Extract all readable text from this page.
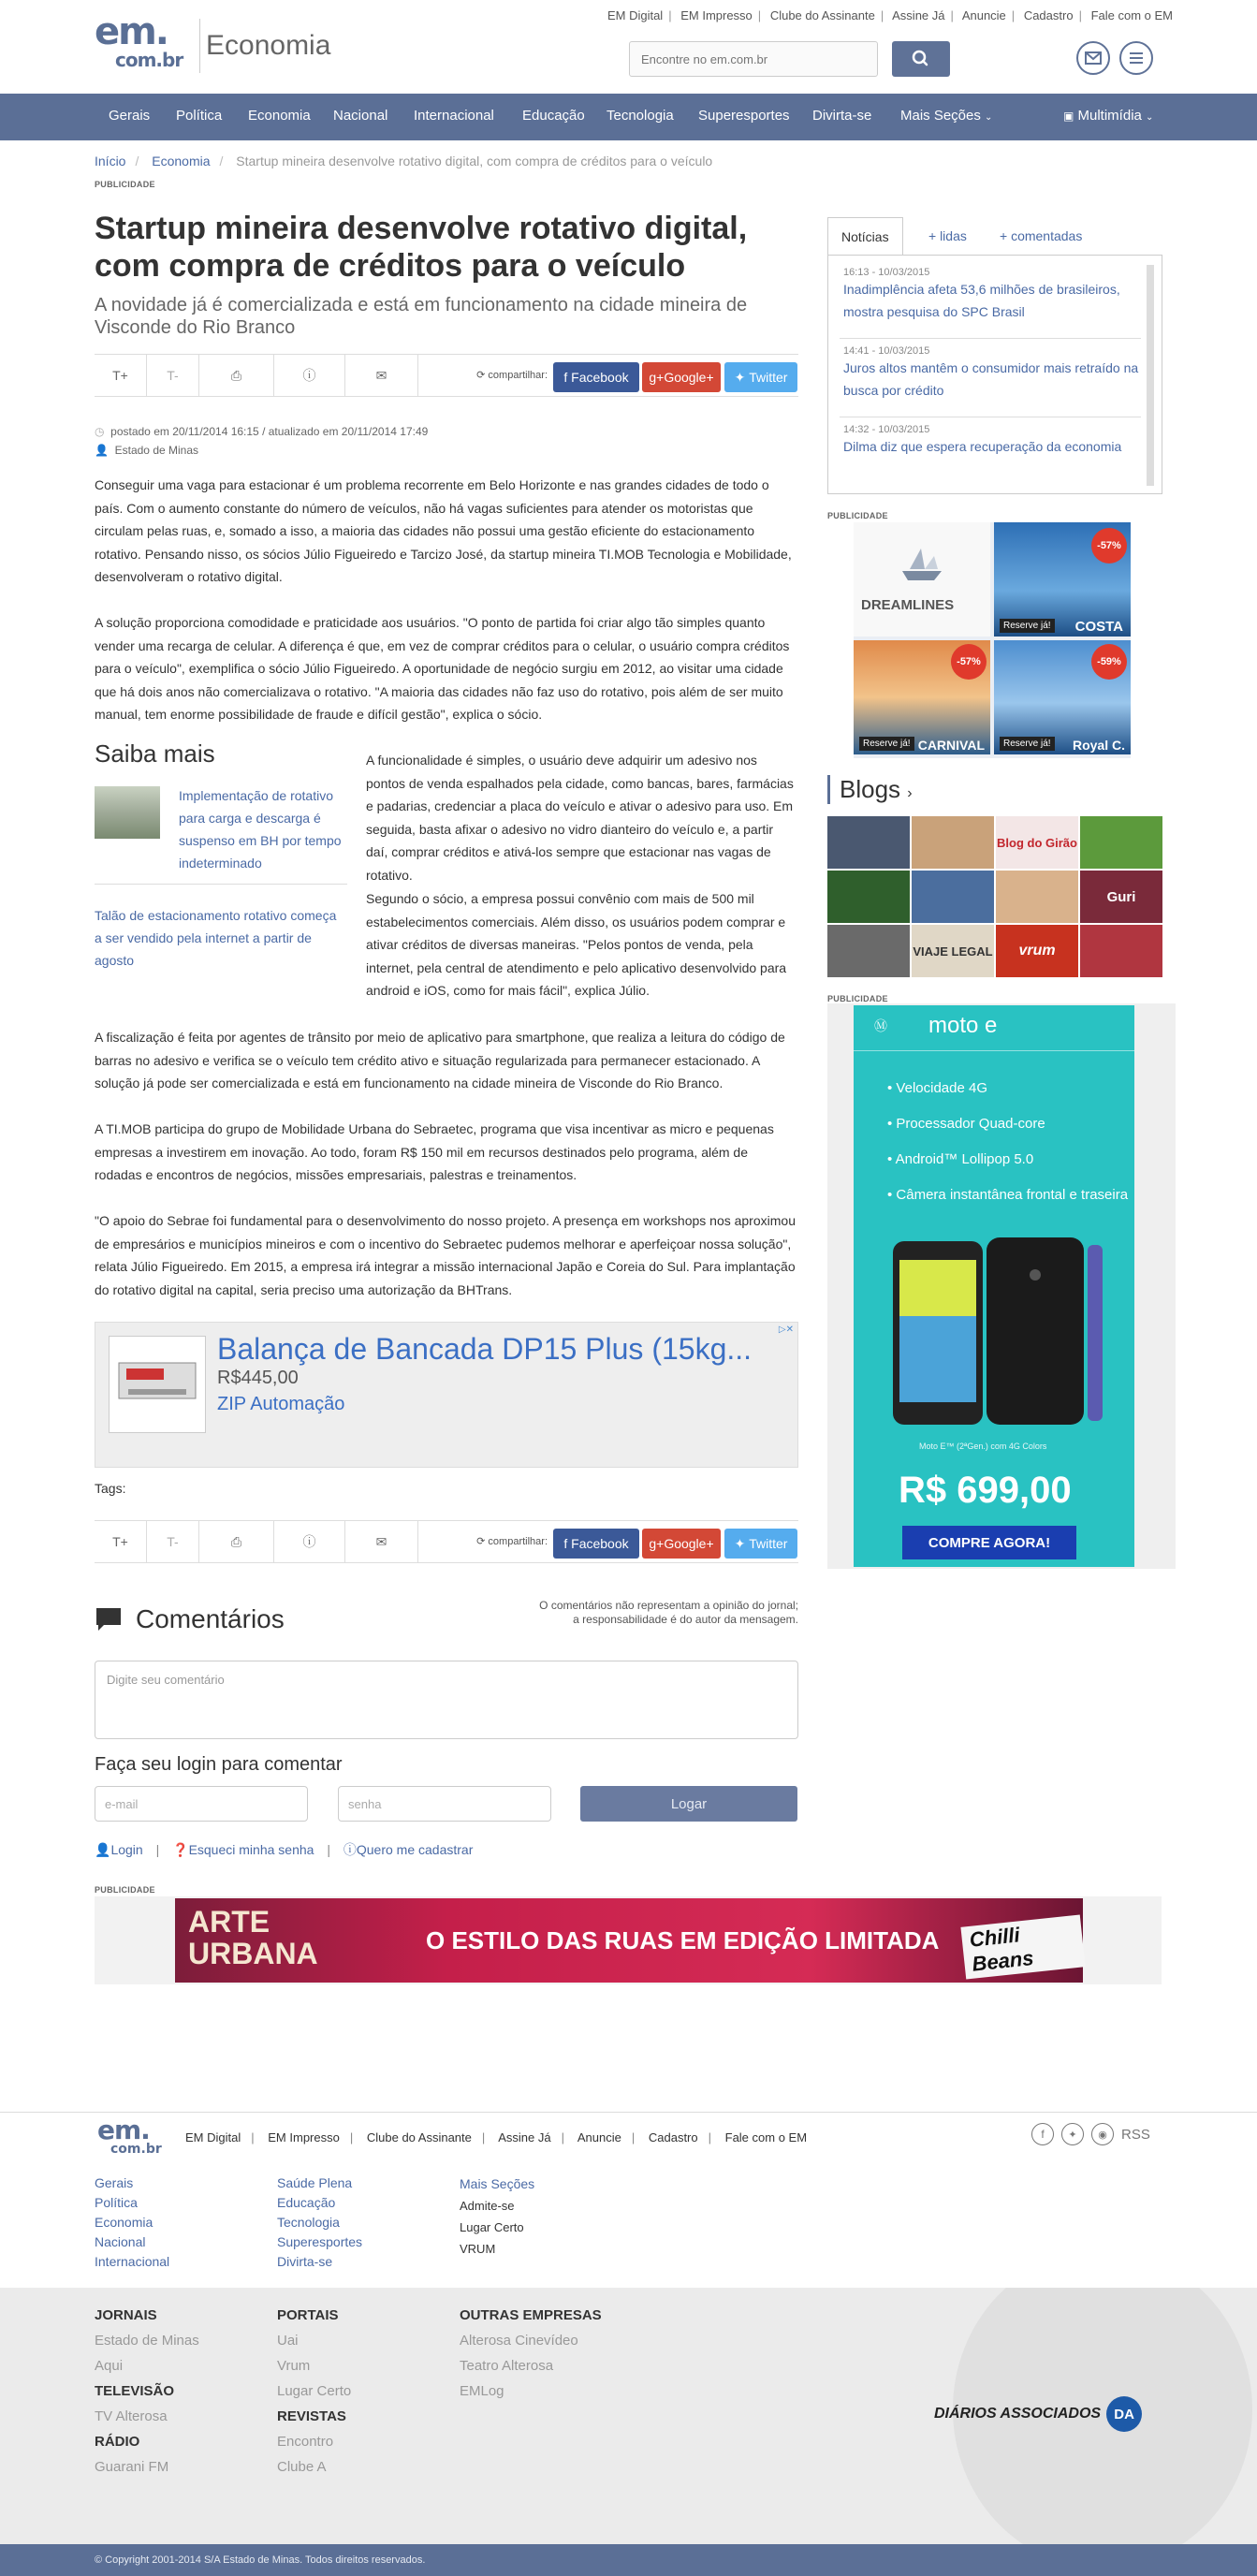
EM Digital | EM Impresso | Clube do Assinante | Assine Já | Anuncie | Cadastro | Fale com o EM
em.
com.br Economia
Encontre no em.com.br
Gerais Política Economia Nacional Internacional Educação Tecnologia Superesportes Divirta-se Mais Seções ⌄	▣ Multimídia ⌄
Início / Economia / Startup mineira desenvolve rotativo digital, com compra de créditos para o veículo
PUBLICIDADE
Startup mineira desenvolve rotativo digital, com compra de créditos para o veículo
A novidade já é comercializada e está em funcionamento na cidade mineira de Visconde do Rio Branco
T+	T-	⎙	ⓘ	✉	⟳ compartilhar: f Facebook g+ Google+ ✦ Twitter
◷ postado em 20/11/2014 16:15 / atualizado em 20/11/2014 17:49
👤 Estado de Minas

Conseguir uma vaga para estacionar é um problema recorrente em Belo Horizonte e nas grandes cidades de todo o país. Com o aumento constante do número de veículos, não há vagas suficientes para atender os motoristas que circulam pelas ruas, e, somado a isso, a maioria das cidades não possui uma gestão eficiente do estacionamento rotativo. Pensando nisso, os sócios Júlio Figueiredo e Tarcizo José, da startup mineira TI.MOB Tecnologia e Mobilidade, desenvolveram o rotativo digital.

A solução proporciona comodidade e praticidade aos usuários. "O ponto de partida foi criar algo tão simples quanto vender uma recarga de celular. A diferença é que, em vez de comprar créditos para o celular, o usuário compra créditos para o veículo", exemplifica o sócio Júlio Figueiredo. A oportunidade de negócio surgiu em 2012, ao visitar uma cidade que há dois anos não comercializava o rotativo. "A maioria das cidades não faz uso do rotativo, pois além de ser muito manual, tem enorme possibilidade de fraude e difícil gestão", explica o sócio.

Saiba mais
Implementação de rotativo para carga e descarga é suspenso em BH por tempo indeterminado
Talão de estacionamento rotativo começa a ser vendido pela internet a partir de agosto

A funcionalidade é simples, o usuário deve adquirir um adesivo nos pontos de venda espalhados pela cidade, como bancas, bares, farmácias e padarias, credenciar a placa do veículo e ativar o adesivo para uso. Em seguida, basta afixar o adesivo no vidro dianteiro do veículo e, a partir daí, comprar créditos e ativá-los sempre que estacionar nas vagas de rotativo.

Segundo o sócio, a empresa possui convênio com mais de 500 mil estabelecimentos comerciais. Além disso, os usuários podem comprar e ativar créditos de diversas maneiras. "Pelos pontos de venda, pela internet, pela central de atendimento e pelo aplicativo desenvolvido para android e iOS, como for mais fácil", explica Júlio.

A fiscalização é feita por agentes de trânsito por meio de aplicativo para smartphone, que realiza a leitura do código de barras no adesivo e verifica se o veículo tem crédito ativo e situação regularizada para permanecer estacionado. A solução já pode ser comercializada e está em funcionamento na cidade mineira de Visconde do Rio Branco.

A TI.MOB participa do grupo de Mobilidade Urbana do Sebraetec, programa que visa incentivar as micro e pequenas empresas a investirem em inovação. Ao todo, foram R$ 150 mil em recursos destinados pelo programa, além de rodadas e encontros de negócios, missões empresariais, palestras e treinamentos.

"O apoio do Sebrae foi fundamental para o desenvolvimento do nosso projeto. A presença em workshops nos aproximou de empresários e municípios mineiros e com o incentivo do Sebraetec pudemos melhorar e aperfeiçoar nossa solução", relata Júlio Figueiredo. Em 2015, a empresa irá integrar a missão internacional Japão e Coreia do Sul. Para implantação do rotativo digital na capital, seria preciso uma autorização da BHTrans.

Balança de Bancada DP15 Plus (15kg...
R$445,00
ZIP Automação
▷✕
Tags:
T+	T-	⎙	ⓘ	✉	⟳ compartilhar: f Facebook g+ Google+ ✦ Twitter
Comentários	O comentários não representam a opinião do jornal;
a responsabilidade é do autor da mensagem.
Digite seu comentário
Faça seu login para comentar
e-mail	senha	Logar
👤Login | ❓Esqueci minha senha | ⓘQuero me cadastrar
PUBLICIDADE
ARTE URBANA	O ESTILO DAS RUAS EM EDIÇÃO LIMITADA	Chilli Beans
Notícias	+ lidas	+ comentadas
16:13 - 10/03/2015
Inadimplência afeta 53,6 milhões de brasileiros, mostra pesquisa do SPC Brasil
14:41 - 10/03/2015
Juros altos mantêm o consumidor mais retraído na busca por crédito
14:32 - 10/03/2015
Dilma diz que espera recuperação da economia
PUBLICIDADE
DREAMLINES
-57%
Reserve já! COSTA
-57%
Reserve já! CARNIVAL
-59%
Reserve já! Royal C.
Blogs ›
Blog do Girão
Guri
VIAJE LEGAL	vrum
PUBLICIDADE
Ⓜ moto e
• Velocidade 4G
• Processador Quad-core
• Android™ Lollipop 5.0
• Câmera instantânea frontal e traseira
Moto E™ (2ªGen.) com 4G Colors
R$ 699,00
COMPRE AGORA!
em.
com.br
EM Digital | EM Impresso | Clube do Assinante | Assine Já | Anuncie | Cadastro | Fale com o EM	f	✦	◉	RSS
Gerais
Política
Economia
Nacional
Internacional
Saúde Plena
Educação
Tecnologia
Superesportes
Divirta-se
Mais Seções
Admite-se
Lugar Certo
VRUM
JORNAIS
Estado de Minas
Aqui
TELEVISÃO
TV Alterosa
RÁDIO
Guarani FM
PORTAIS
Uai
Vrum
Lugar Certo
REVISTAS
Encontro
Clube A
OUTRAS EMPRESAS
Alterosa Cinevídeo
Teatro Alterosa
EMLog
DIÁRIOS ASSOCIADOS DA
© Copyright 2001-2014 S/A Estado de Minas. Todos direitos reservados.
